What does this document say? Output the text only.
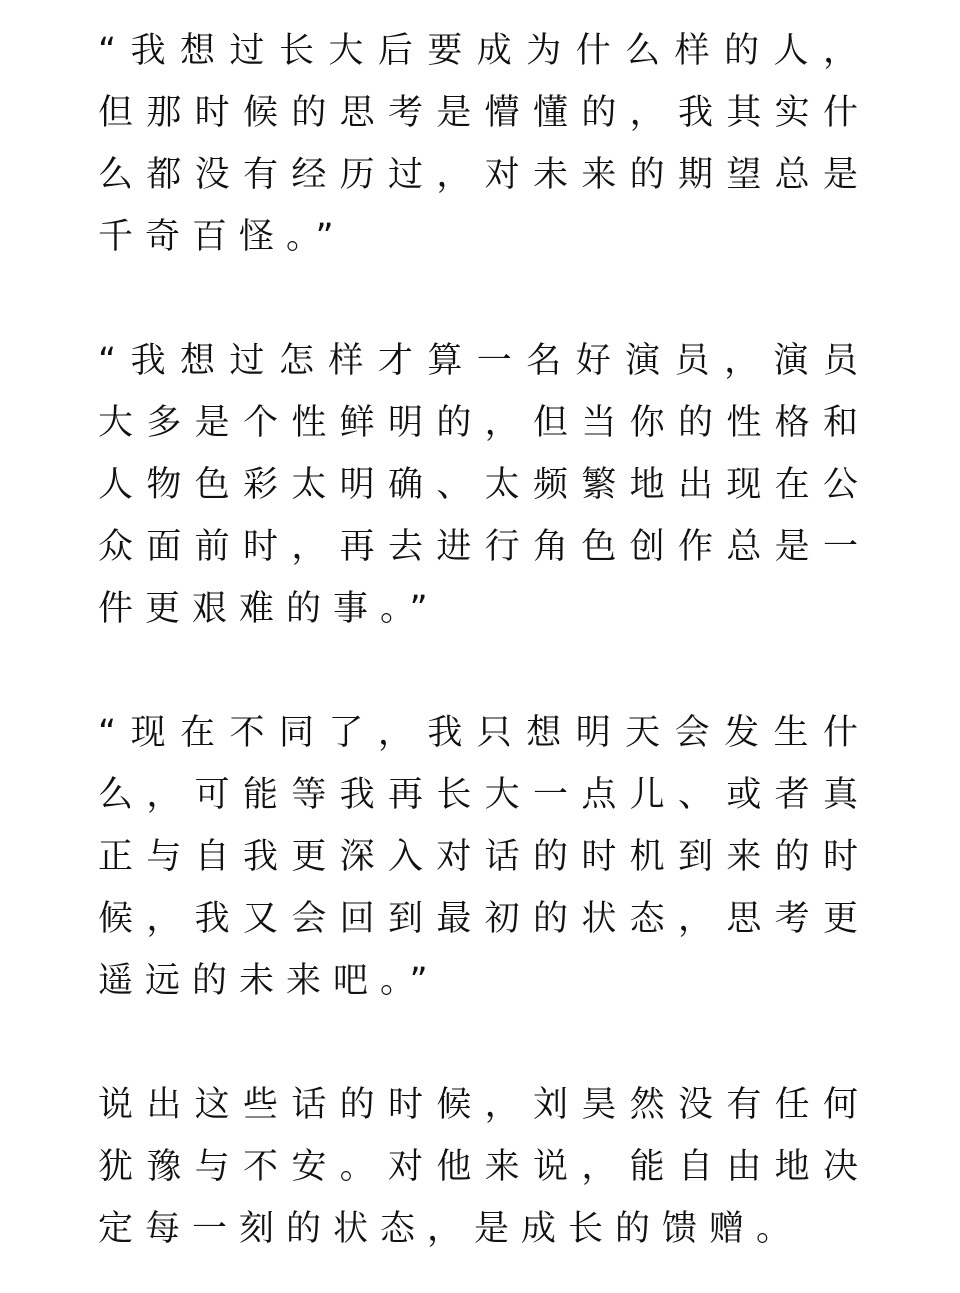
“我想过长大后要成为什么样的人，但那时候的思考是懵懂的，我其实什么都没有经历过，对未来的期望总是千奇百怪。”

“我想过怎样才算一名好演员，演员大多是个性鲜明的，但当你的性格和人物色彩太明确、太频繁地出现在公众面前时，再去进行角色创作总是一件更艰难的事。”

“现在不同了，我只想明天会发生什么，可能等我再长大一点儿、或者真正与自我更深入对话的时机到来的时候，我又会回到最初的状态，思考更遥远的未来吧。”

说出这些话的时候，刘昊然没有任何犹豫与不安。对他来说，能自由地决定每一刻的状态，是成长的馈赠。
